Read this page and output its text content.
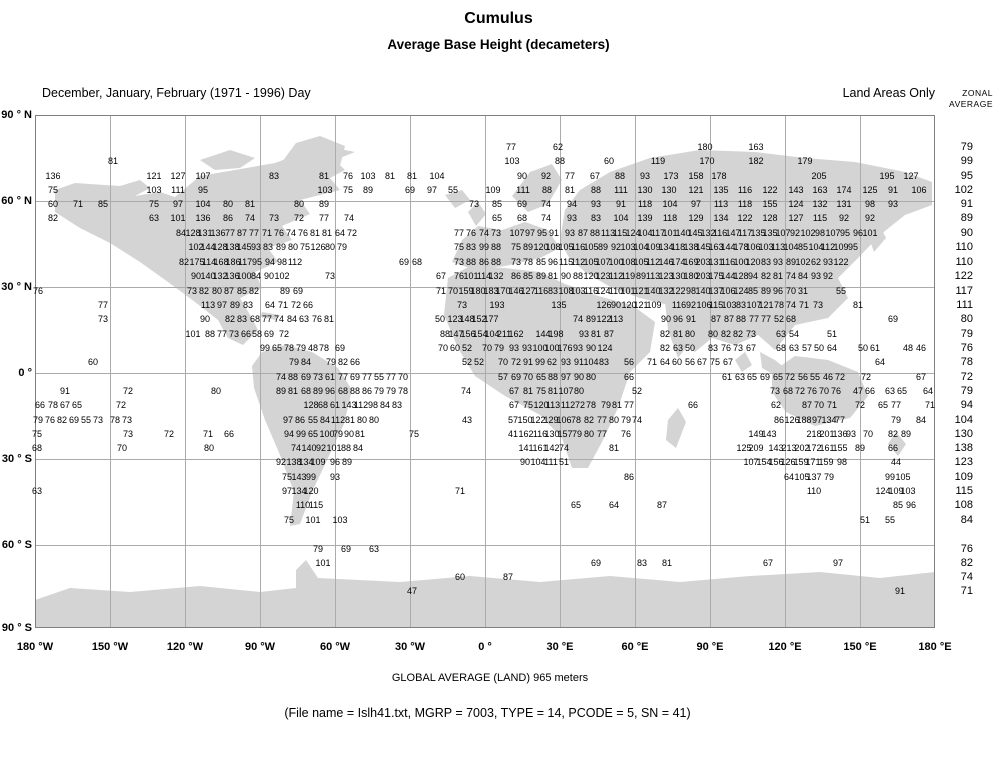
Cumulus
Average Base Height (decameters)
December, January, February (1971 - 1996) Day	Land Areas Only	ZONAL
AVERAGE
77	62	180	163
81	103	88	60	119	170	182	179
136	121 127 107	83	81 76 103 81 81 104	90 92 77 67 88 93 173 158 178	205	195 127
75	103 111 95	103 75 89	69 97 55	109 111 88 81 88 111 130 130 121 135 116 122 143 163 174 125 91 106
60 71 85	75 97 104 80 81	80 89	73 85 69 74 94 93 91 118 104 97 113 118 155 124 132 131 98 93
82	63 101 136 86 74 73 72 77 74	65 68 74 93 83 104 139 118 129 134 122 128 127 115 92 92
84 128
131
136 77 87 77 71 76 74 76 81 81 64 72	77 76 74 73 107 97 95 91 93 87 88 113
115
124
104
117
101
140
145
132
116
147
117
135
135
107 92 102 98 107 95 96 101
102
144
128
138
145 93 83 89 80 75 126 80 79	75 83 99 88 75 89 120
108
105
116
105 89 92 103
104
109
134
118
138
145
163
144
178
106
103
113
104 85 104
112
109 95
82 175
114
168
186
117 95 94 98 112	69 68	73 88 86 88 73 78 85 96 115
112
105
107
100
108
105
112
146
174
169
203
131
116
100
120 83 93 89 102 62 93 122
90 140
132
136
100 84 90 102	73	67 76 101
114
132 86 85 89 81 90 88 120
123
112
119 89 113
123
130
180
203
175
144
128 94 82 81 74 84 93 92
76	73 82 80 87 85 82 89 69	71 70 159
180
183
170
146
127
116 83 108
103
116
124
110
101
121
140
132
122 98 140
137
106
124 85 89 96 70 31	55
77	113 97 89 83 64 71 72 66	73 193	135	126 90 120
121
109 116 92 106
115
103 83 107
121 78 74 71 73	81
73	90 82 83 68 77 74 84 63 76 81	50 123
148
152
177	74 89 122
113	90 96 91 87 87 88 77 77 52 68	69
101 88 77 73 66 58 69 72	88
147
156
154
104
211
162 144
198 93 81 87	82 81 80 80 82 82 73 63 54	51
99 65 78 79 48 78 69	70 60 52 70 79 93 93 100
100
176 93 90 124	82 63 50 83 76 73 67 68 63 57 50 64 50 61	48 46
60	79 84 79 82 66	52 52 70 72 91 99 62 93 91 104 83 56 71 64 60 56 67 75 67	64
74 88 69 73 61 77 69 77 55 77 70	57 69 70 65 88 97 90 80	66	61 63 65 69 65 72 56 55 46 72 72	67
91	72	80	89 81 68 89 96 68 88 86 79 79 78	74	67 81 75 81 107 80	52	73 68 72 76 70 76 47 66 63 65 64
66 78 67 65	72	128 68 61 143
112 98 84 83	67 75 120
113 112 72 78 79 81 77	66	62 87 70 71 72 65 77	71
79 76 82 69 55 73 78 73	97 86 55 84 112 81 80 80	43	57 150
122
129
106 78 82 77 80 79 74	86 126
188 97 134
77	79 84
75	73	72	71 66	94 99 65 100
79 90 81	75	41 162 116
130
157 79 80 77 76	149
143	218
201
136
93 70 82 89
68	70	80	74 140 92 101 88 84	141
161
142 74	81	125
209 143
213
202
172
161
155 89	66
92 138
134
109 96 89	90 104
111 51	107
154
156
126
159
171
159 98	44
75 143 99 93	86	64 105
137 79	99 105
63	97 134
120	71	110	124
109
103
110
115	65	64	87	85 96
75 101 103	51 55
79 69 63
101	69	83 81	67	97
60	87
47	91
79
99
95
102
91
89
90
110
110
122
117
111
80
79
76
78
72
79
94
104
130
138
123
109
115
108
84
76
82
74
71
90 ° N
60 ° N
30 ° N
0 °
30 ° S
60 ° S
90 ° S
180 °W	150 °W	120 °W	90 °W	60 °W	30 °W	0 °	30 °E	60 °E	90 °E	120 °E	150 °E	180 °E
GLOBAL AVERAGE (LAND) 965 meters
(File name = Islh41.txt, MGRP = 7003, TYPE = 14, PCODE = 5, SN = 41)
